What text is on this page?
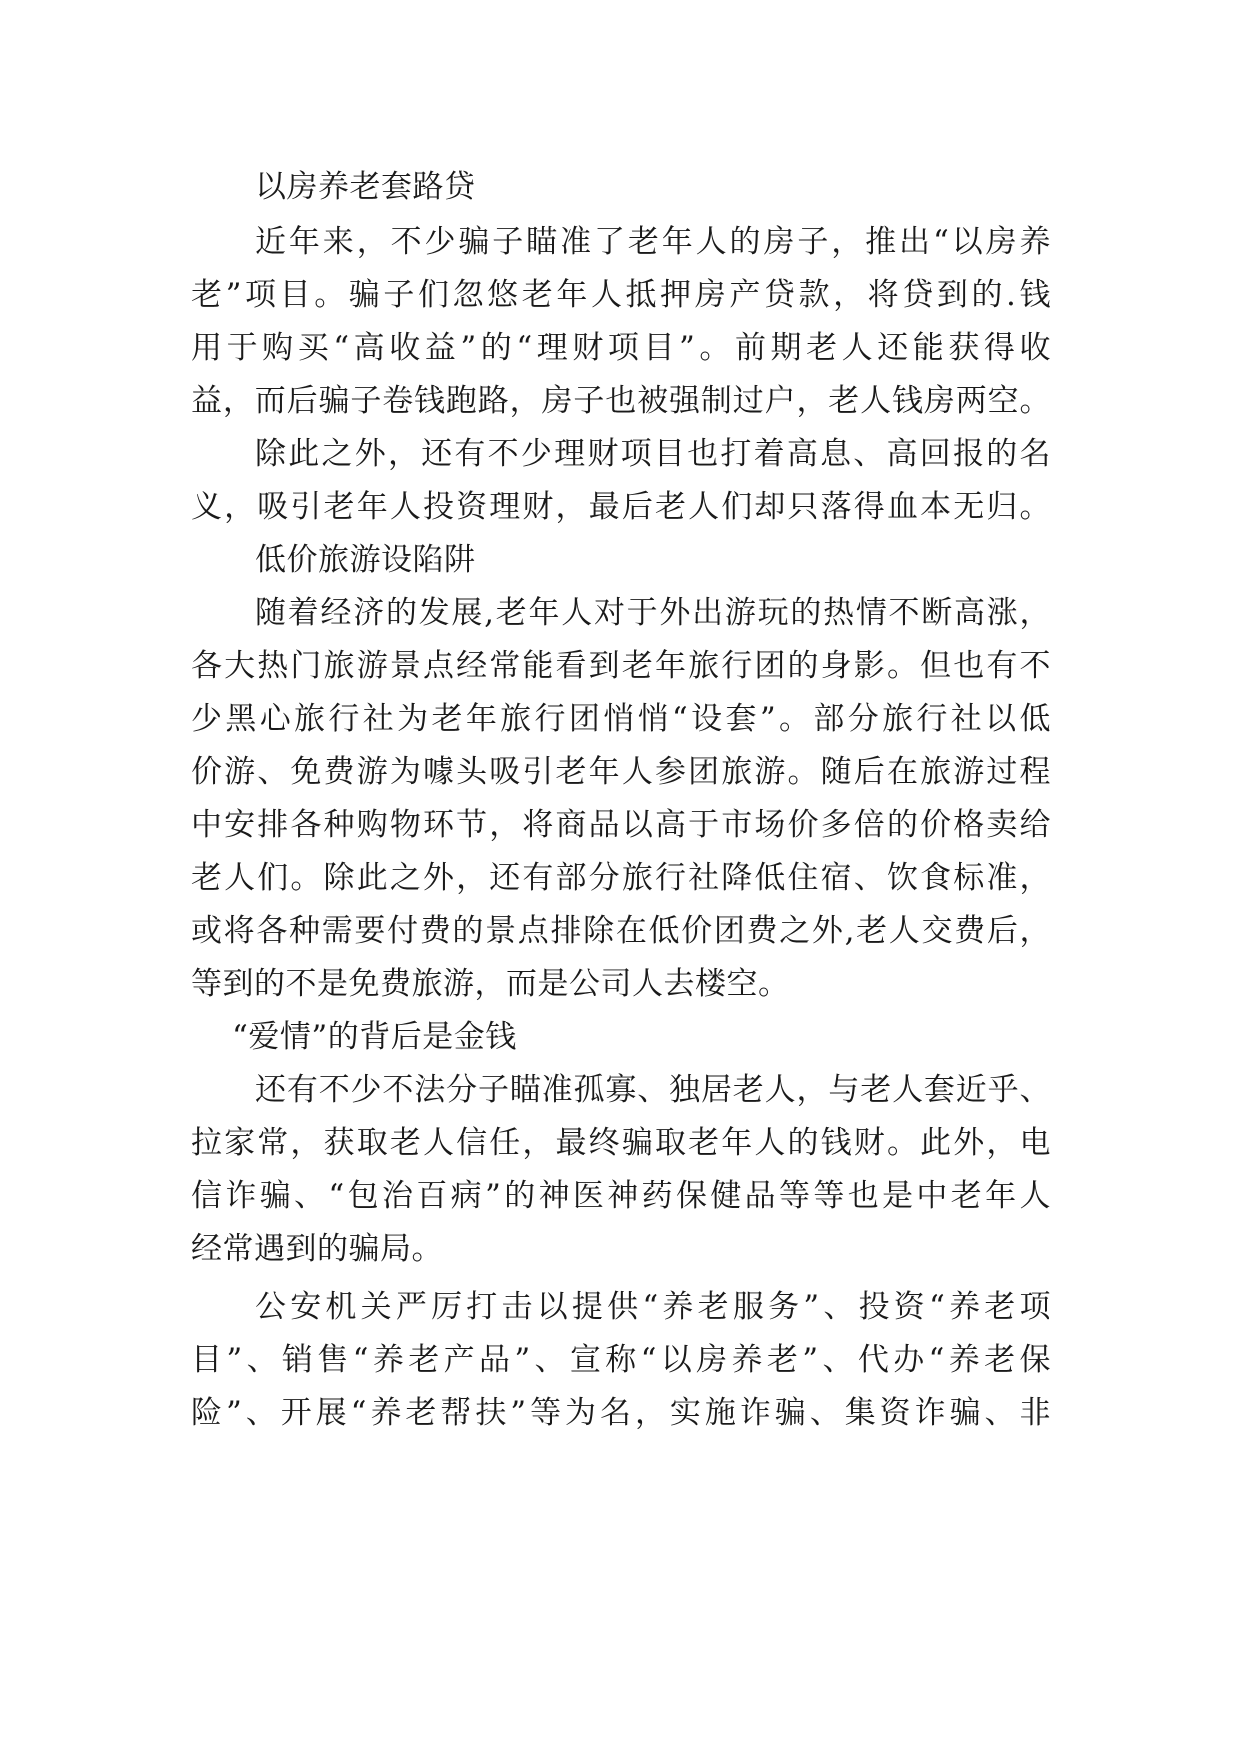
以房养老套路贷

近年来，不少骗子瞄准了老年人的房子，推出“以房养

老”项目。骗子们忽悠老年人抵押房产贷款，将贷到的.钱

用于购买“高收益”的“理财项目”。前期老人还能获得收

益，而后骗子卷钱跑路，房子也被强制过户，老人钱房两空。

除此之外，还有不少理财项目也打着高息、高回报的名

义，吸引老年人投资理财，最后老人们却只落得血本无归。

低价旅游设陷阱

随着经济的发展,老年人对于外出游玩的热情不断高涨，

各大热门旅游景点经常能看到老年旅行团的身影。但也有不

少黑心旅行社为老年旅行团悄悄“设套”。部分旅行社以低

价游、免费游为噱头吸引老年人参团旅游。随后在旅游过程

中安排各种购物环节，将商品以高于市场价多倍的价格卖给

老人们。除此之外，还有部分旅行社降低住宿、饮食标准，

或将各种需要付费的景点排除在低价团费之外,老人交费后，

等到的不是免费旅游，而是公司人去楼空。

“爱情”的背后是金钱

还有不少不法分子瞄准孤寡、独居老人，与老人套近乎、

拉家常，获取老人信任，最终骗取老年人的钱财。此外，电

信诈骗、“包治百病”的神医神药保健品等等也是中老年人

经常遇到的骗局。

公安机关严厉打击以提供“养老服务”、投资“养老项

目”、销售“养老产品”、宣称“以房养老”、代办“养老保

险”、开展“养老帮扶”等为名，实施诈骗、集资诈骗、非
